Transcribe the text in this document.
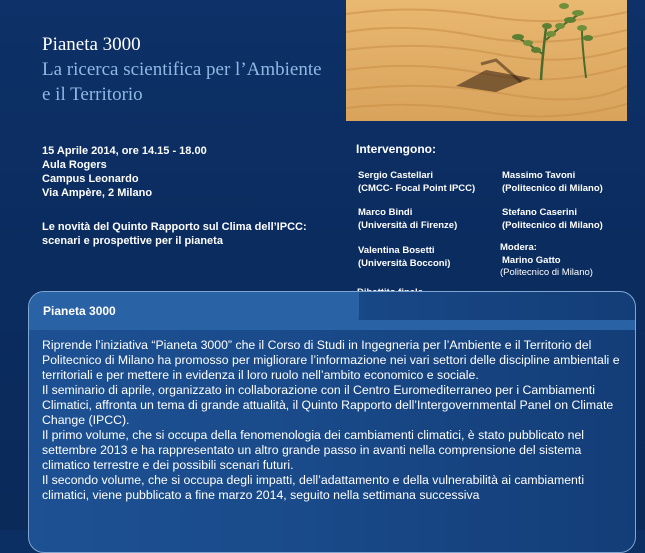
Pianeta 3000
La ricerca scientifica per l’Ambiente e il Territorio
15 Aprile 2014, ore 14.15 - 18.00
Aula Rogers
Campus Leonardo
Via Ampère, 2 Milano
Le novità del Quinto Rapporto sul Clima dell’IPCC:
scenari e prospettive per il pianeta
Intervengono:
Sergio Castellari
(CMCC- Focal Point IPCC)
Massimo Tavoni
(Politecnico di Milano)
Marco Bindi
(Università di Firenze)
Stefano Caserini
(Politecnico di Milano)
Valentina Bosetti
(Università Bocconi)
Modera:
Marino Gatto
(Politecnico di Milano)
Pianeta 3000

Riprende l’iniziativa “Pianeta 3000” che il Corso di Studi in Ingegneria per l’Ambiente e il Territorio del Politecnico di Milano ha promosso per migliorare l’informazione nei vari settori delle discipline ambientali e territoriali e per mettere in evidenza il loro ruolo nell’ambito economico e sociale.

Il seminario di aprile, organizzato in collaborazione con il Centro Euromediterraneo per i Cambiamenti Climatici, affronta un tema di grande attualità, il Quinto Rapporto dell’Intergovernmental Panel on Climate Change (IPCC).

Il primo volume, che si occupa della fenomenologia dei cambiamenti climatici, è stato pubblicato nel settembre 2013 e ha rappresentato un altro grande passo in avanti nella comprensione del sistema climatico terrestre e dei possibili scenari futuri.

Il secondo volume, che si occupa degli impatti, dell’adattamento e della vulnerabilità ai cambiamenti climatici, viene pubblicato a fine marzo 2014, seguito nella settimana successiva
